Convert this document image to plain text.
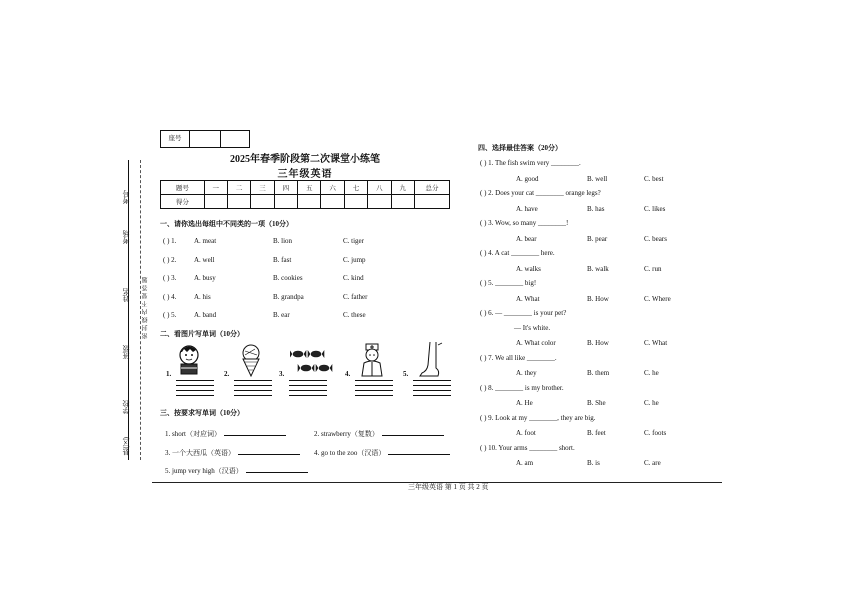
考号
考场
姓名
班级
学校
县(区)
密封线内不要答题
座号
2025年春季阶段第二次课堂小练笔
三年级英语
题号	一	二	三	四	五	六	七	八	九	总分
得分										
一、请你选出每组中不同类的一项（10分）
( ) 1.	A. meat	B. lion	C. tiger
( ) 2.	A. well	B. fast	C. jump
( ) 3.	A. busy	B. cookies	C. kind
( ) 4.	A. his	B. grandpa	C. father
( ) 5.	A. band	B. ear	C. these
二、看图片写单词（10分）
1.	2.	3.	4.	5.
三、按要求写单词（10分）
1. short（对应词）	2. strawberry（复数）
3. 一个大西瓜（英语）	4. go to the zoo（汉语）
5. jump very high（汉语）
四、选择最佳答案（20分）
( ) 1. The fish swim very ________.
A. good	B. well	C. best
( ) 2. Does your cat ________ orange legs?
A. have	B. has	C. likes
( ) 3. Wow, so many ________!
A. bear	B. pear	C. bears
( ) 4. A cat ________ here.
A. walks	B. walk	C. run
( ) 5. ________ big!
A. What	B. How	C. Where
( ) 6. — ________ is your pet?
— It's white.
A. What color	B. How	C. What
( ) 7. We all like ________.
A. they	B. them	C. he
( ) 8. ________ is my brother.
A. He	B. She	C. he
( ) 9. Look at my ________, they are big.
A. foot	B. feet	C. foots
( ) 10. Your arms ________ short.
A. am	B. is	C. are
三年级英语 第 1 页 共 2 页
